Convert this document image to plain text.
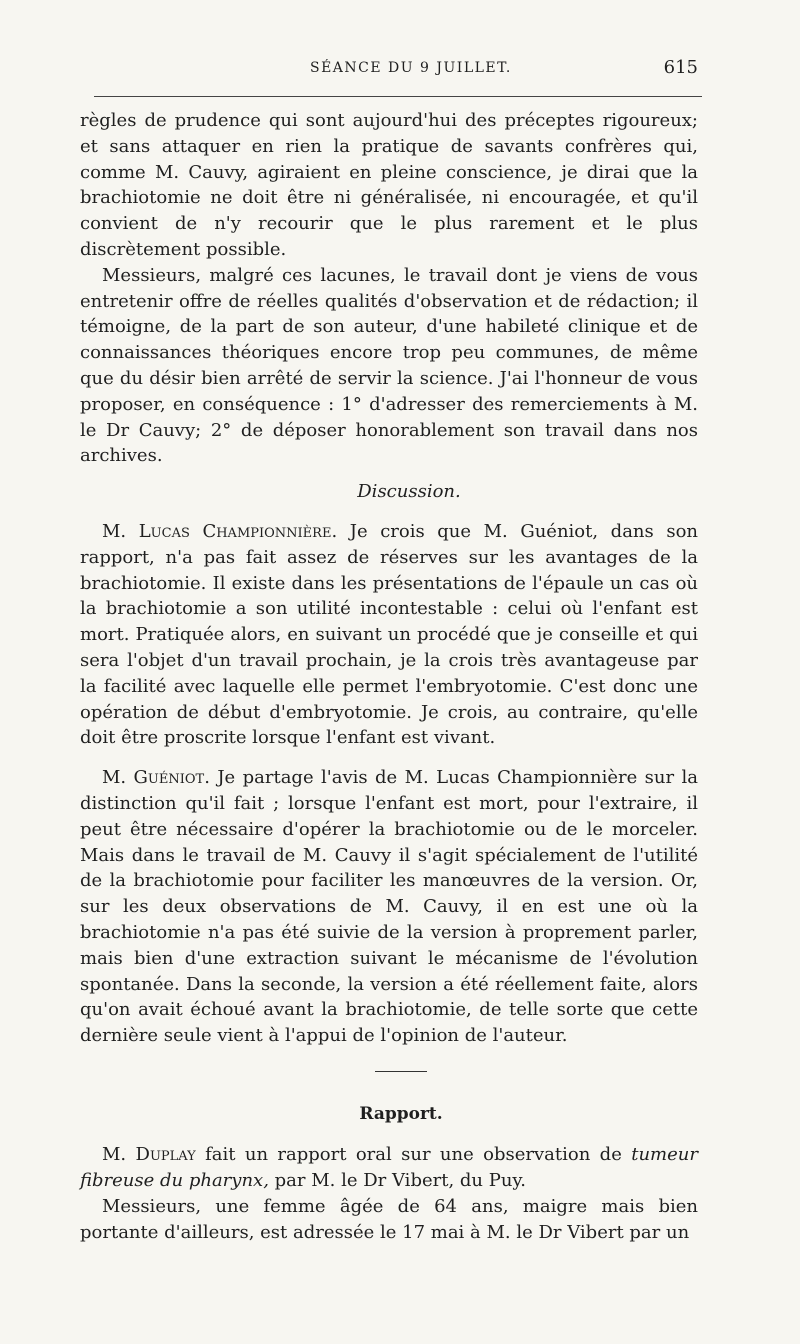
SÉANCE DU 9 JUILLET.	615

règles de prudence qui sont aujourd'hui des préceptes rigoureux; et sans attaquer en rien la pratique de savants confrères qui, comme M. Cauvy, agiraient en pleine conscience, je dirai que la brachiotomie ne doit être ni généralisée, ni encouragée, et qu'il convient de n'y recourir que le plus rarement et le plus discrètement possible.

Messieurs, malgré ces lacunes, le travail dont je viens de vous entretenir offre de réelles qualités d'observation et de rédaction; il témoigne, de la part de son auteur, d'une habileté clinique et de connaissances théoriques encore trop peu communes, de même que du désir bien arrêté de servir la science. J'ai l'honneur de vous proposer, en conséquence : 1° d'adresser des remerciements à M. le Dr Cauvy; 2° de déposer honorablement son travail dans nos archives.

Discussion.

M. Lucas Championnière. Je crois que M. Guéniot, dans son rapport, n'a pas fait assez de réserves sur les avantages de la brachiotomie. Il existe dans les présentations de l'épaule un cas où la brachiotomie a son utilité incontestable : celui où l'enfant est mort. Pratiquée alors, en suivant un procédé que je conseille et qui sera l'objet d'un travail prochain, je la crois très avantageuse par la facilité avec laquelle elle permet l'embryotomie. C'est donc une opération de début d'embryotomie. Je crois, au contraire, qu'elle doit être proscrite lorsque l'enfant est vivant.

M. Guéniot. Je partage l'avis de M. Lucas Championnière sur la distinction qu'il fait ; lorsque l'enfant est mort, pour l'extraire, il peut être nécessaire d'opérer la brachiotomie ou de le morceler. Mais dans le travail de M. Cauvy il s'agit spécialement de l'utilité de la brachiotomie pour faciliter les manœuvres de la version. Or, sur les deux observations de M. Cauvy, il en est une où la brachiotomie n'a pas été suivie de la version à proprement parler, mais bien d'une extraction suivant le mécanisme de l'évolution spontanée. Dans la seconde, la version a été réellement faite, alors qu'on avait échoué avant la brachiotomie, de telle sorte que cette dernière seule vient à l'appui de l'opinion de l'auteur.

Rapport.

M. Duplay fait un rapport oral sur une observation de tumeur fibreuse du pharynx, par M. le Dr Vibert, du Puy.

Messieurs, une femme âgée de 64 ans, maigre mais bien portante d'ailleurs, est adressée le 17 mai à M. le Dr Vibert par un
